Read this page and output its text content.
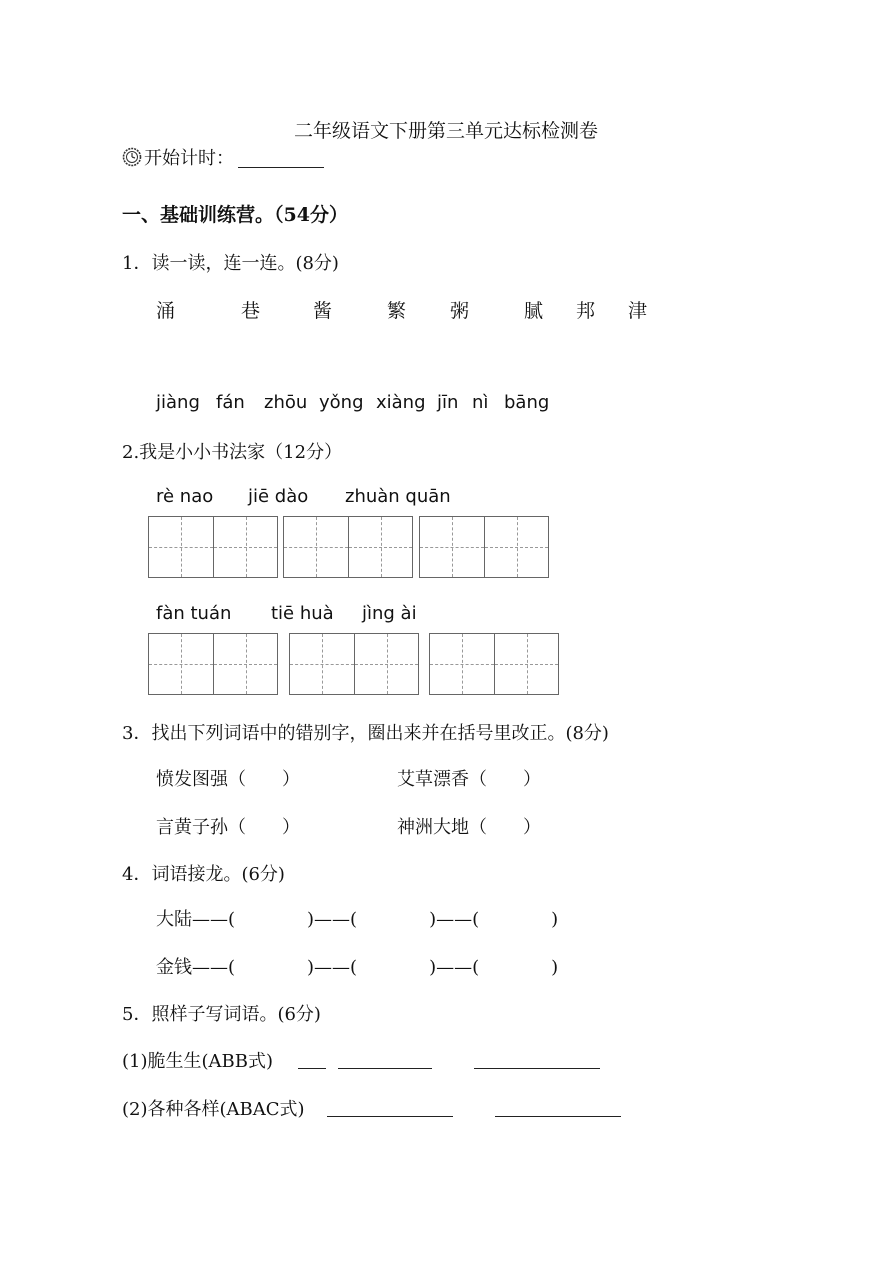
二年级语文下册第三单元达标检测卷
开始计时：
一、基础训练营。（54分）
1．读一读，连一连。(8分)
涌	巷	酱	繁 粥	腻 邦 津
jiàng fán zhōu yǒng xiàng jīn nì bāng
2.我是小小书法家（12分）
rè nao jiē dào zhuàn quān
fàn tuán tiē huà jìng ài
3．找出下列词语中的错别字，圈出来并在括号里改正。(8分)
愤发图强（　　）	艾草漂香（　　）
言黄子孙（　　）	神洲大地（　　）
4．词语接龙。(6分)
大陆——(　　　　)——(　　　　)——(　　　　)
金钱——(　　　　)——(　　　　)——(　　　　)
5．照样子写词语。(6分)
(1)脆生生(ABB式)
(2)各种各样(ABAC式)
